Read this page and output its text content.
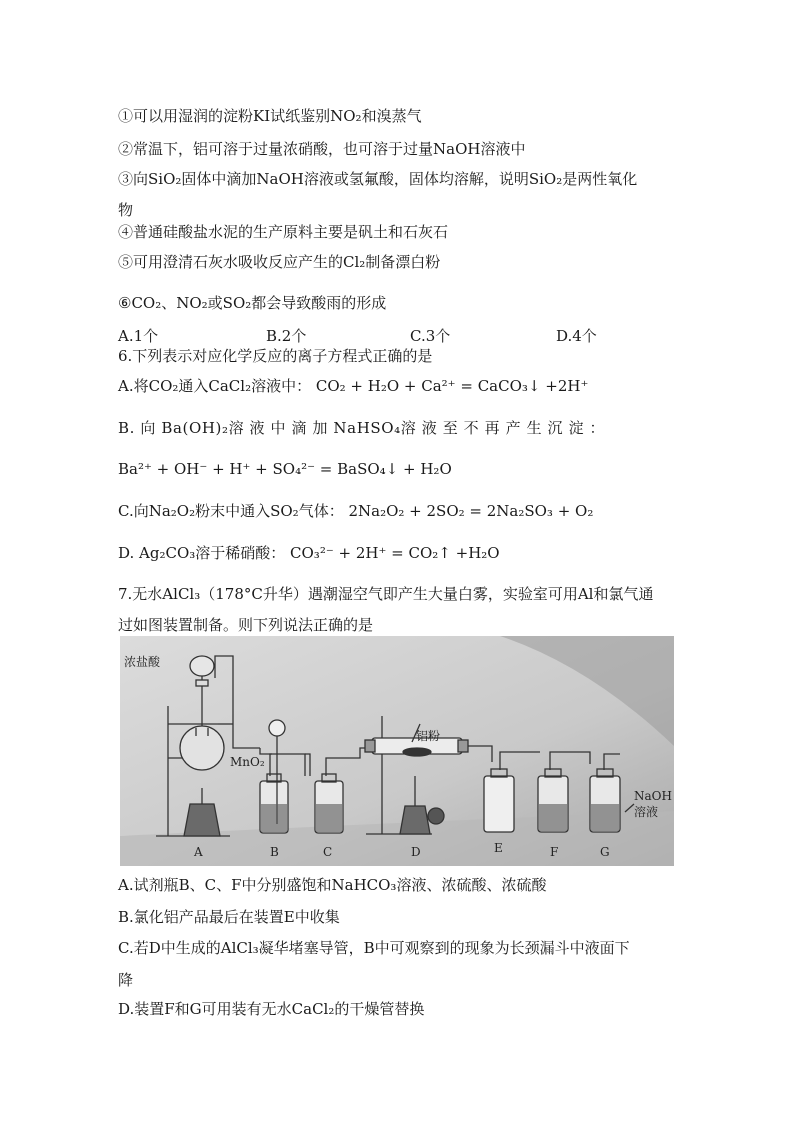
①可以用湿润的淀粉KI试纸鉴别NO₂和溴蒸气
②常温下，铝可溶于过量浓硝酸，也可溶于过量NaOH溶液中
③向SiO₂固体中滴加NaOH溶液或氢氟酸，固体均溶解，说明SiO₂是两性氧化
物
④普通硅酸盐水泥的生产原料主要是矾土和石灰石
⑤可用澄清石灰水吸收反应产生的Cl₂制备漂白粉
⑥CO₂、NO₂或SO₂都会导致酸雨的形成
A.1个	B.2个	C.3个	D.4个
6.下列表示对应化学反应的离子方程式正确的是
A.将CO₂通入CaCl₂溶液中： CO₂ + H₂O + Ca²⁺ = CaCO₃↓ +2H⁺
B. 向 Ba(OH)₂溶 液 中 滴 加 NaHSO₄溶 液 至 不 再 产 生 沉 淀 ：
Ba²⁺ + OH⁻ + H⁺ + SO₄²⁻ = BaSO₄↓ + H₂O
C.向Na₂O₂粉末中通入SO₂气体： 2Na₂O₂ + 2SO₂ = 2Na₂SO₃ + O₂
D. Ag₂CO₃溶于稀硝酸： CO₃²⁻ + 2H⁺ = CO₂↑ +H₂O
7.无水AlCl₃（178°C升华）遇潮湿空气即产生大量白雾，实验室可用Al和氯气通
过如图装置制备。则下列说法正确的是
浓盐酸
MnO₂
铝粉
NaOH
溶液
A	B	C	D	E	F	G
A.试剂瓶B、C、F中分别盛饱和NaHCO₃溶液、浓硫酸、浓硫酸
B.氯化铝产品最后在装置E中收集
C.若D中生成的AlCl₃凝华堵塞导管，B中可观察到的现象为长颈漏斗中液面下
降
D.装置F和G可用装有无水CaCl₂的干燥管替换
